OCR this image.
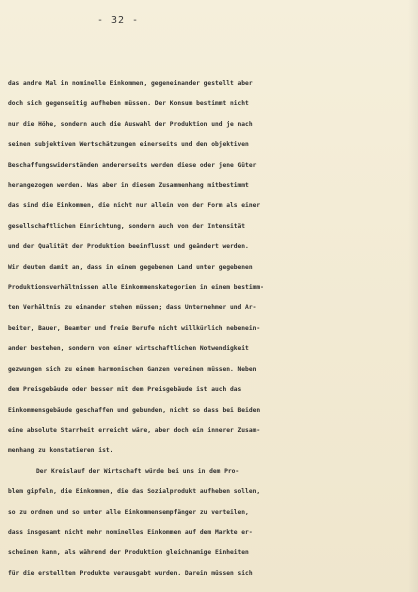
- 32 -
das andre Mal in nominelle Einkommen, gegeneinander gestellt aber
doch sich gegenseitig aufheben müssen. Der Konsum bestimmt nicht
nur die Höhe, sondern auch die Auswahl der Produktion und je nach
seinen subjektiven Wertschätzungen einerseits und den objektiven
Beschaffungswiderständen andererseits werden diese oder jene Güter
herangezogen werden. Was aber in diesem Zusammenhang mitbestimmt
das sind die Einkommen, die nicht nur allein von der Form als einer
gesellschaftlichen Einrichtung, sondern auch von der Intensität
und der Qualität der Produktion beeinflusst und geändert werden.
Wir deuten damit an, dass in einem gegebenen Land unter gegebenen
Produktionsverhältnissen alle Einkommenskategorien in einem bestimm-
ten Verhältnis zu einander stehen müssen; dass Unternehmer und Ar-
beiter, Bauer, Beamter und freie Berufe nicht willkürlich nebenein-
ander bestehen, sondern von einer wirtschaftlichen Notwendigkeit
gezwungen sich zu einem harmonischen Ganzen vereinen müssen. Neben
dem Preisgebäude oder besser mit dem Preisgebäude ist auch das
Einkommensgebäude geschaffen und gebunden, nicht so dass bei Beiden
eine absolute Starrheit erreicht wäre, aber doch ein innerer Zusam-
menhang zu konstatieren ist.
Der Kreislauf der Wirtschaft würde bei uns in dem Pro-
blem gipfeln, die Einkommen, die das Sozialprodukt aufheben sollen,
so zu ordnen und so unter alle Einkommensempfänger zu verteilen,
dass insgesamt nicht mehr nominelles Einkommen auf dem Markte er-
scheinen kann, als während der Produktion gleichnamige Einheiten
für die erstellten Produkte verausgabt wurden. Darein müssen sich
